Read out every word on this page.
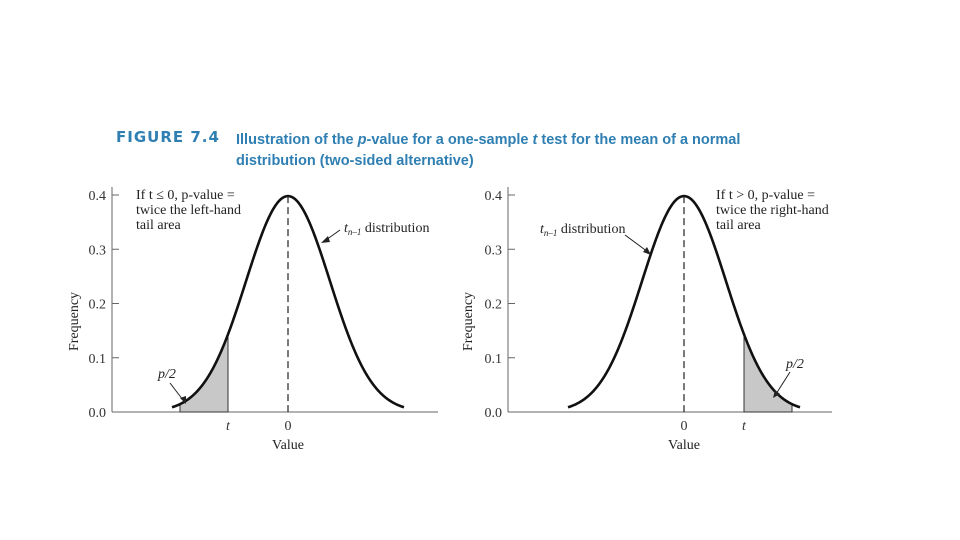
FIGURE 7.4 Illustration of the p-value for a one-sample t test for the mean of a normal distribution (two-sided alternative)
0.0
0.1
0.2
0.3
0.4
Frequency
t	0
Value
If t ≤ 0, p-value =
twice the left-hand
tail area	$t_{n-1}$ distribution
p/2
0.0
0.1
0.2
0.3
0.4
Frequency
0	t
Value
If t > 0, p-value =
twice the right-hand
tail area
$t_{n-1}$ distribution
p/2
